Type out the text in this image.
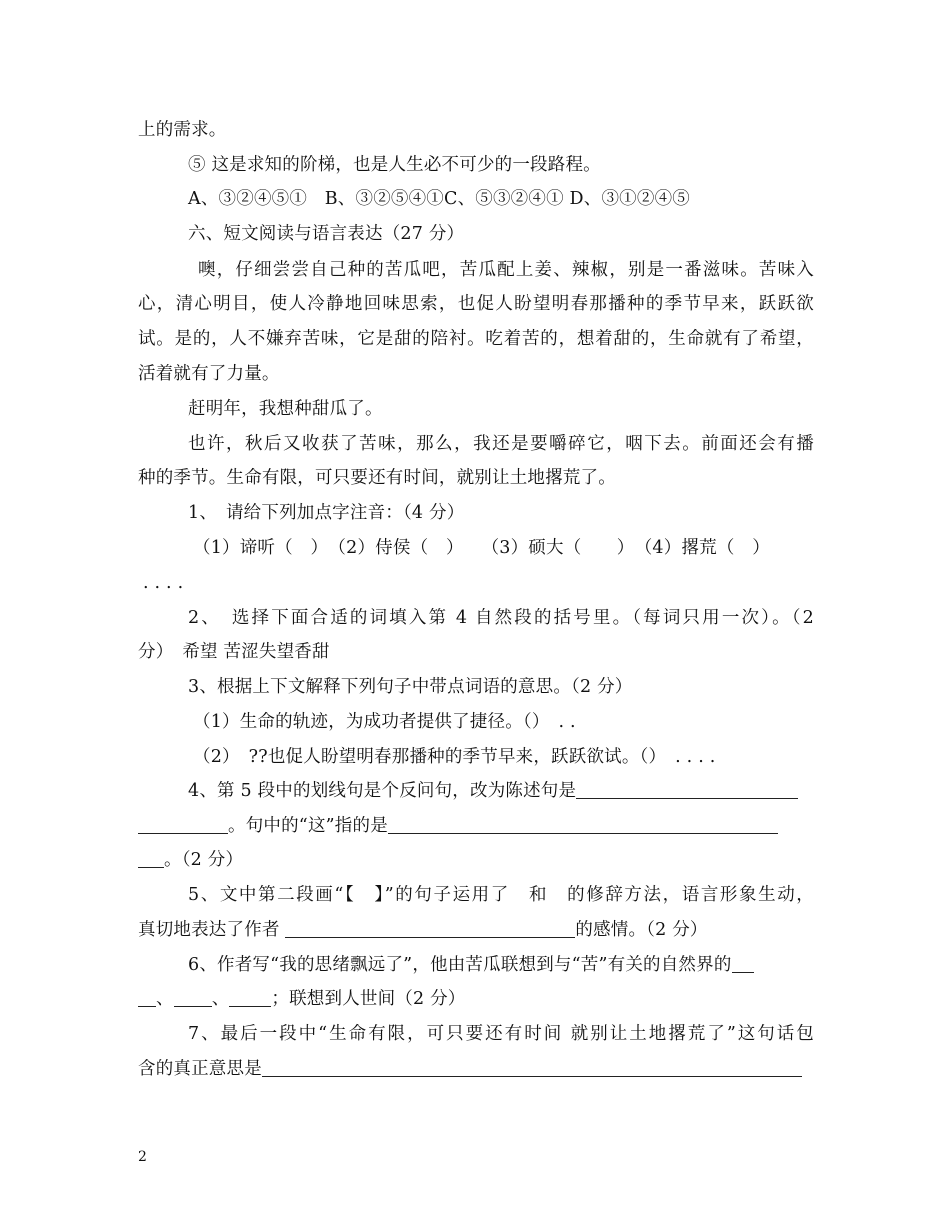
上的需求。
⑤ 这是求知的阶梯，也是人生必不可少的一段路程。
A、③②④⑤①　B、③②⑤④①C、⑤③②④① D、③①②④⑤
六、短文阅读与语言表达（27 分）
噢，仔细尝尝自己种的苦瓜吧，苦瓜配上姜、辣椒，别是一番滋味。苦味入
心，清心明目，使人冷静地回味思索，也促人盼望明春那播种的季节早来，跃跃欲
试。是的，人不嫌弃苦味，它是甜的陪衬。吃着苦的，想着甜的，生命就有了希望，
活着就有了力量。
赶明年，我想种甜瓜了。
也许，秋后又收获了苦味，那么，我还是要嚼碎它，咽下去。前面还会有播
种的季节。生命有限，可只要还有时间，就别让土地撂荒了。
1、　请给下列加点字注音：（4 分）
（1）谛听（　）　（2）侍侯（　）　　（3）硕大（　　）　（4）撂荒（　）
. . . .
2、　选择下面合适的词填入第 4 自然段的括号里。（每词只用一次）。（2
分）　希望 苦涩失望香甜
3、根据上下文解释下列句子中带点词语的意思。（2 分）
（1）生命的轨迹，为成功者提供了捷径。（）　. .
（2）　??也促人盼望明春那播种的季节早来，跃跃欲试。（）　. . . .
4、第 5 段中的划线句是个反问句，改为陈述句是
。句中的“这”指的是
。（2 分）
5、文中第二段画“【　】”的句子运用了　和　的修辞方法，语言形象生动，
真切地表达了作者	的感情。（2 分）
6、作者写“我的思绪飘远了”，他由苦瓜联想到与“苦”有关的自然界的
、 、 ；联想到人世间（2 分）
7、最后一段中“生命有限，可只要还有时间 就别让土地撂荒了”这句话包
含的真正意思是
2
